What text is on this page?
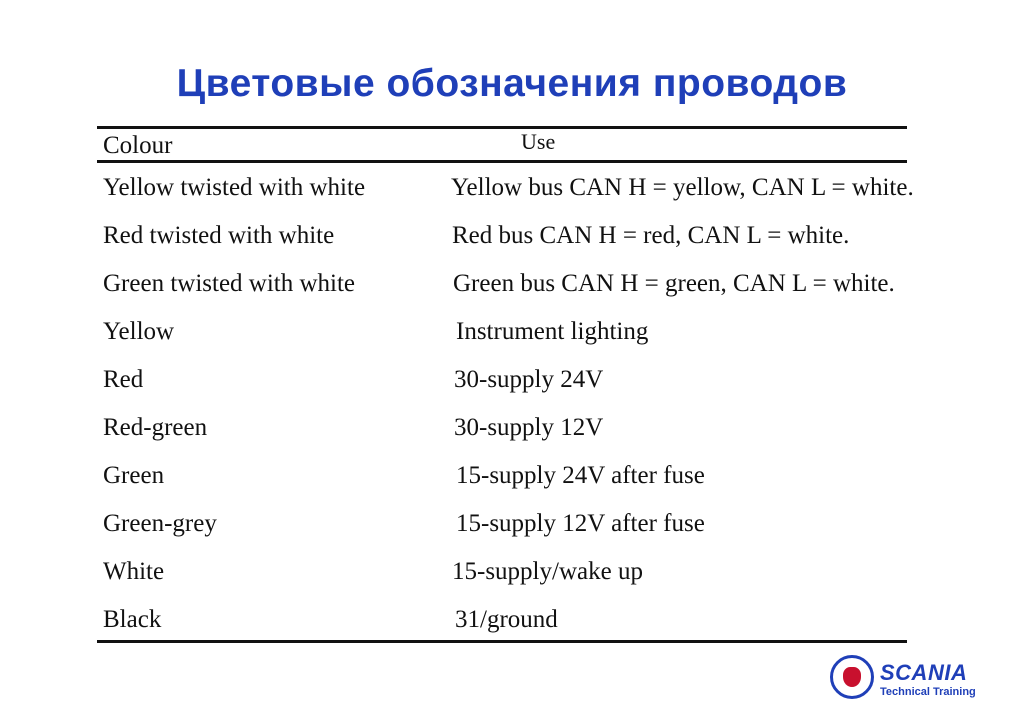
Цветовые обозначения проводов
Colour	Use
Yellow twisted with white	Yellow bus CAN H = yellow, CAN L = white.
Red twisted with white	Red bus CAN H = red, CAN L = white.
Green twisted with white	Green bus CAN H = green, CAN L = white.
Yellow	Instrument lighting
Red	30-supply 24V
Red-green	30-supply 12V
Green	15-supply 24V after fuse
Green-grey	15-supply 12V after fuse
White	15-supply/wake up
Black	31/ground
SCANIA
Technical Training
